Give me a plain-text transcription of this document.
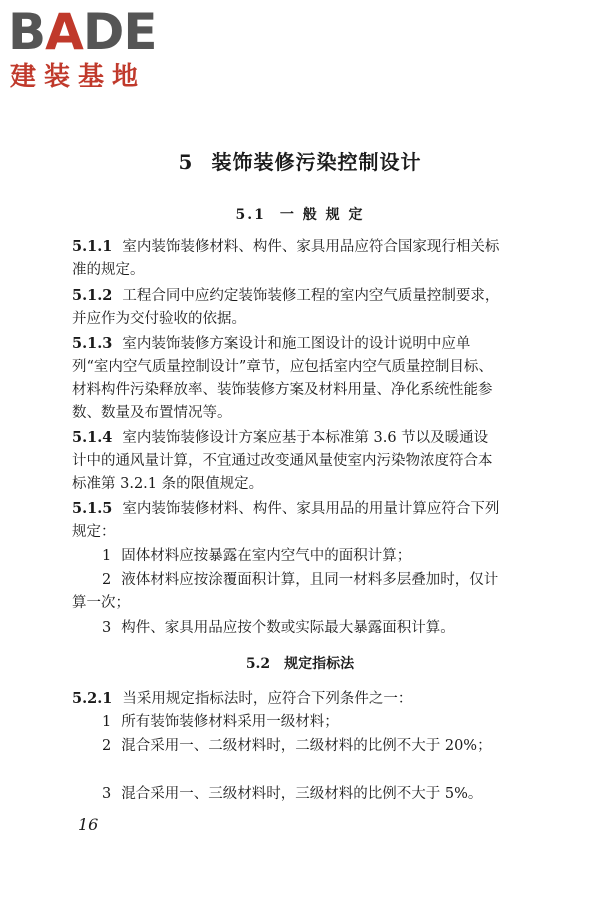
BADE
建装基地
5 装饰装修污染控制设计
5.1 一 般 规 定

5.1.1 室内装饰装修材料、构件、家具用品应符合国家现行相关标准的规定。

5.1.2 工程合同中应约定装饰装修工程的室内空气质量控制要求，并应作为交付验收的依据。

5.1.3 室内装饰装修方案设计和施工图设计的设计说明中应单列“室内空气质量控制设计”章节，应包括室内空气质量控制目标、材料构件污染释放率、装饰装修方案及材料用量、净化系统性能参数、数量及布置情况等。

5.1.4 室内装饰装修设计方案应基于本标准第 3.6 节以及暖通设计中的通风量计算，不宜通过改变通风量使室内污染物浓度符合本标准第 3.2.1 条的限值规定。

5.1.5 室内装饰装修材料、构件、家具用品的用量计算应符合下列规定：

1 固体材料应按暴露在室内空气中的面积计算；

2 液体材料应按涂覆面积计算，且同一材料多层叠加时，仅计算一次；

3 构件、家具用品应按个数或实际最大暴露面积计算。

5.2 规定指标法

5.2.1 当采用规定指标法时，应符合下列条件之一：

1 所有装饰装修材料采用一级材料；

2 混合采用一、二级材料时，二级材料的比例不大于 20%；

3 混合采用一、三级材料时，三级材料的比例不大于 5%。

16
